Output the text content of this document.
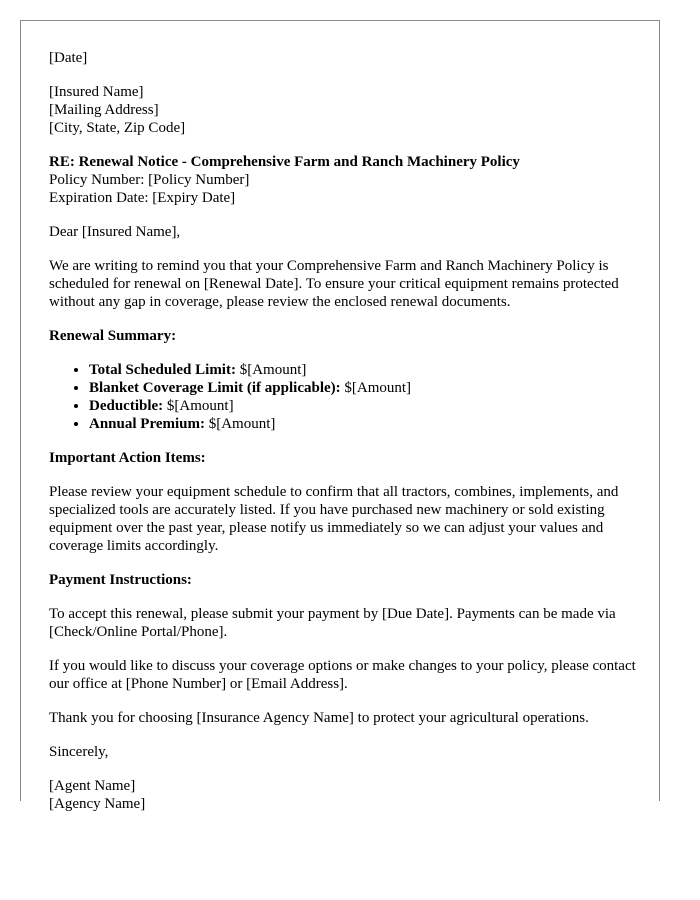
[Date]

[Insured Name]

[Mailing Address]

[City, State, Zip Code]

RE: Renewal Notice - Comprehensive Farm and Ranch Machinery Policy

Policy Number: [Policy Number]

Expiration Date: [Expiry Date]

Dear [Insured Name],

We are writing to remind you that your Comprehensive Farm and Ranch Machinery Policy is scheduled for renewal on [Renewal Date]. To ensure your critical equipment remains protected without any gap in coverage, please review the enclosed renewal documents.

Renewal Summary:

• Total Scheduled Limit: $[Amount]
• Blanket Coverage Limit (if applicable): $[Amount]
• Deductible: $[Amount]
• Annual Premium: $[Amount]

Important Action Items:

Please review your equipment schedule to confirm that all tractors, combines, implements, and specialized tools are accurately listed. If you have purchased new machinery or sold existing equipment over the past year, please notify us immediately so we can adjust your values and coverage limits accordingly.

Payment Instructions:

To accept this renewal, please submit your payment by [Due Date]. Payments can be made via [Check/Online Portal/Phone].

If you would like to discuss your coverage options or make changes to your policy, please contact our office at [Phone Number] or [Email Address].

Thank you for choosing [Insurance Agency Name] to protect your agricultural operations.

Sincerely,

[Agent Name]

[Agency Name]
